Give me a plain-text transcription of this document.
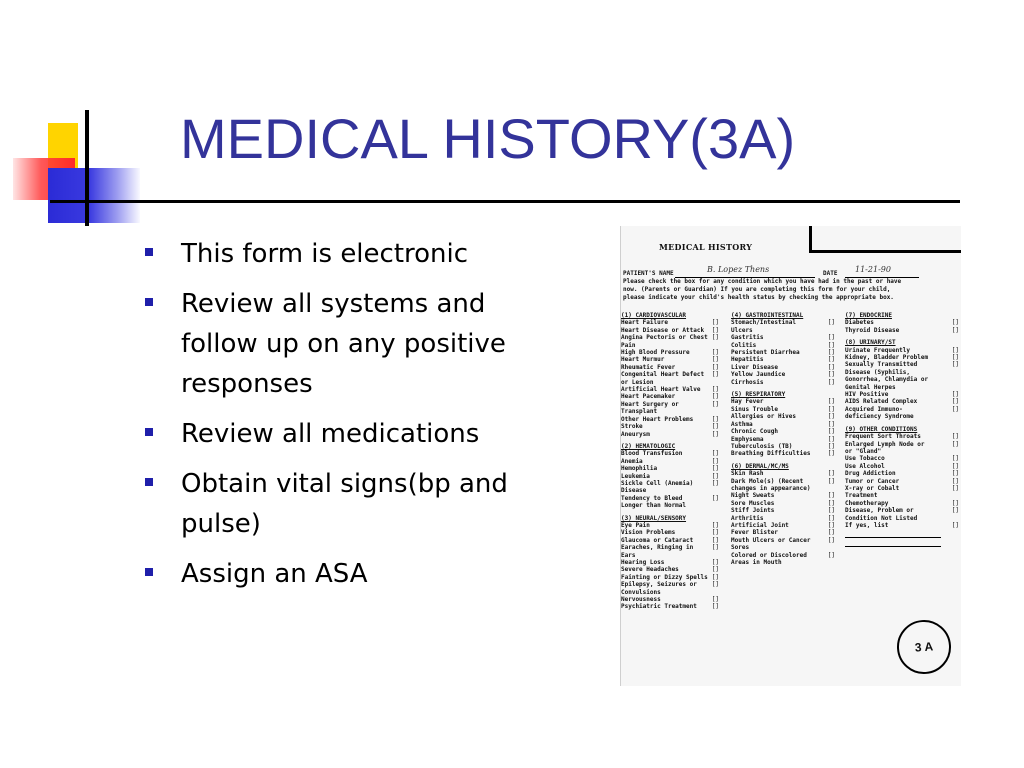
MEDICAL HISTORY(3A)
This form is electronic
Review all systems and follow up on any positive responses
Review all medications
Obtain vital signs(bp and pulse)
Assign an ASA
MEDICAL HISTORY
PATIENT'S NAME	B. Lopez Thens	DATE 11-21-90
Please check the box for any condition which you have had in the past or have
now. (Parents or Guardian) If you are completing this form for your child,
please indicate your child's health status by checking the appropriate box.
(1) CARDIOVASCULAR
Heart Failure	[]
Heart Disease or Attack []
Angina Pectoris or Chest []
Pain
High Blood Pressure	[]
Heart Murmur	[]
Rheumatic Fever	[]
Congenital Heart Defect []
or Lesion
Artificial Heart Valve []
Heart Pacemaker	[]
Heart Surgery or	[]
Transplant
Other Heart Problems	[]
Stroke	[]
Aneurysm	[]
(2) HEMATOLOGIC
Blood Transfusion	[]
Anemia	[]
Hemophilia	[]
Leukemia	[]
Sickle Cell (Anemia)	[]
Disease
Tendency to Bleed	[]
Longer than Normal
(3) NEURAL/SENSORY
Eye Pain	[]
Vision Problems	[]
Glaucoma or Cataract	[]
Earaches, Ringing in	[]
Ears
Hearing Loss	[]
Severe Headaches	[]
Fainting or Dizzy Spells []
Epilepsy, Seizures or []
Convulsions
Nervousness	[]
Psychiatric Treatment []
(4) GASTROINTESTINAL
Stomach/Intestinal	[]
Ulcers
Gastritis	[]
Colitis	[]
Persistent Diarrhea	[]
Hepatitis	[]
Liver Disease	[]
Yellow Jaundice	[]
Cirrhosis	[]
(5) RESPIRATORY
Hay Fever	[]
Sinus Trouble	[]
Allergies or Hives	[]
Asthma	[]
Chronic Cough	[]
Emphysema	[]
Tuberculosis (TB)	[]
Breathing Difficulties	[]
(6) DERMAL/MC/MS
Skin Rash	[]
Dark Mole(s) (Recent	[]
changes in appearance)
Night Sweats	[]
Sore Muscles	[]
Stiff Joints	[]
Arthritis	[]
Artificial Joint	[]
Fever Blister	[]
Mouth Ulcers or Cancer	[]
Sores
Colored or Discolored	[]
Areas in Mouth
(7) ENDOCRINE
Diabetes	[]
Thyroid Disease	[]
(8) URINARY/ST
Urinate Frequently	[]
Kidney, Bladder Problem	[]
Sexually Transmitted	[]
Disease (Syphilis,
Gonorrhea, Chlamydia or
Genital Herpes
HIV Positive	[]
AIDS Related Complex	[]
Acquired Immuno-	[]
deficiency Syndrome
(9) OTHER CONDITIONS
Frequent Sort Throats	[]
Enlarged Lymph Node or	[]
or "Gland"
Use Tobacco	[]
Use Alcohol	[]
Drug Addiction	[]
Tumor or Cancer	[]
X-ray or Cobalt	[]
Treatment
Chemotherapy	[]
Disease, Problem or	[]
Condition Not Listed
If yes, list	[]
3 A
